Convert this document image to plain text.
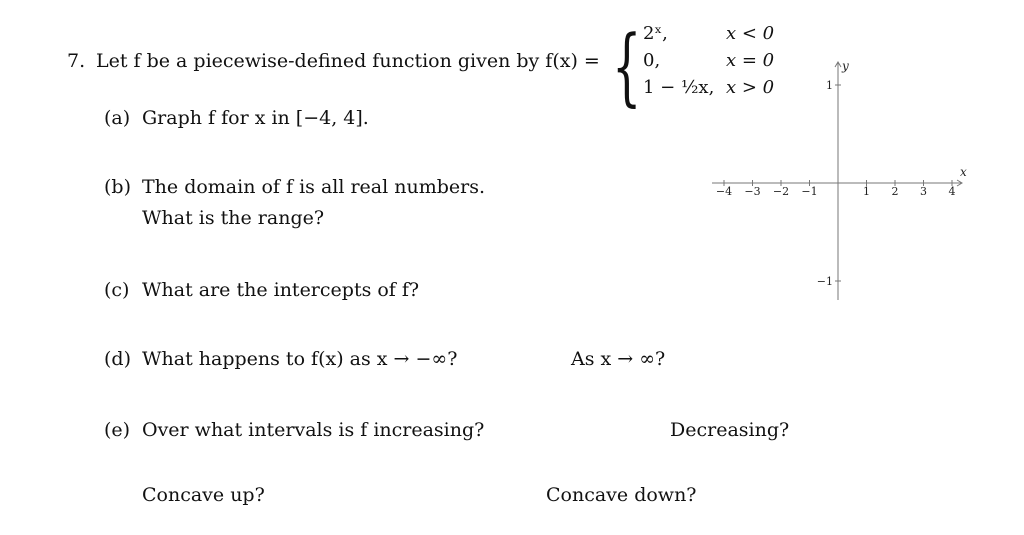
7. Let f be a piecewise-defined function given by f(x) = { 2ˣ,	x < 0
0,	x = 0
1 − ½x, x > 0
(a) Graph f for x in [−4, 4].
(b) The domain of f is all real numbers.
What is the range?
(c) What are the intercepts of f?
(d) What happens to f(x) as x → −∞?	As x → ∞?
(e) Over what intervals is f increasing?	Decreasing?
Concave up?	Concave down?
−4 −3 −2 −1	1 2 3 4
1
−1
x
y
